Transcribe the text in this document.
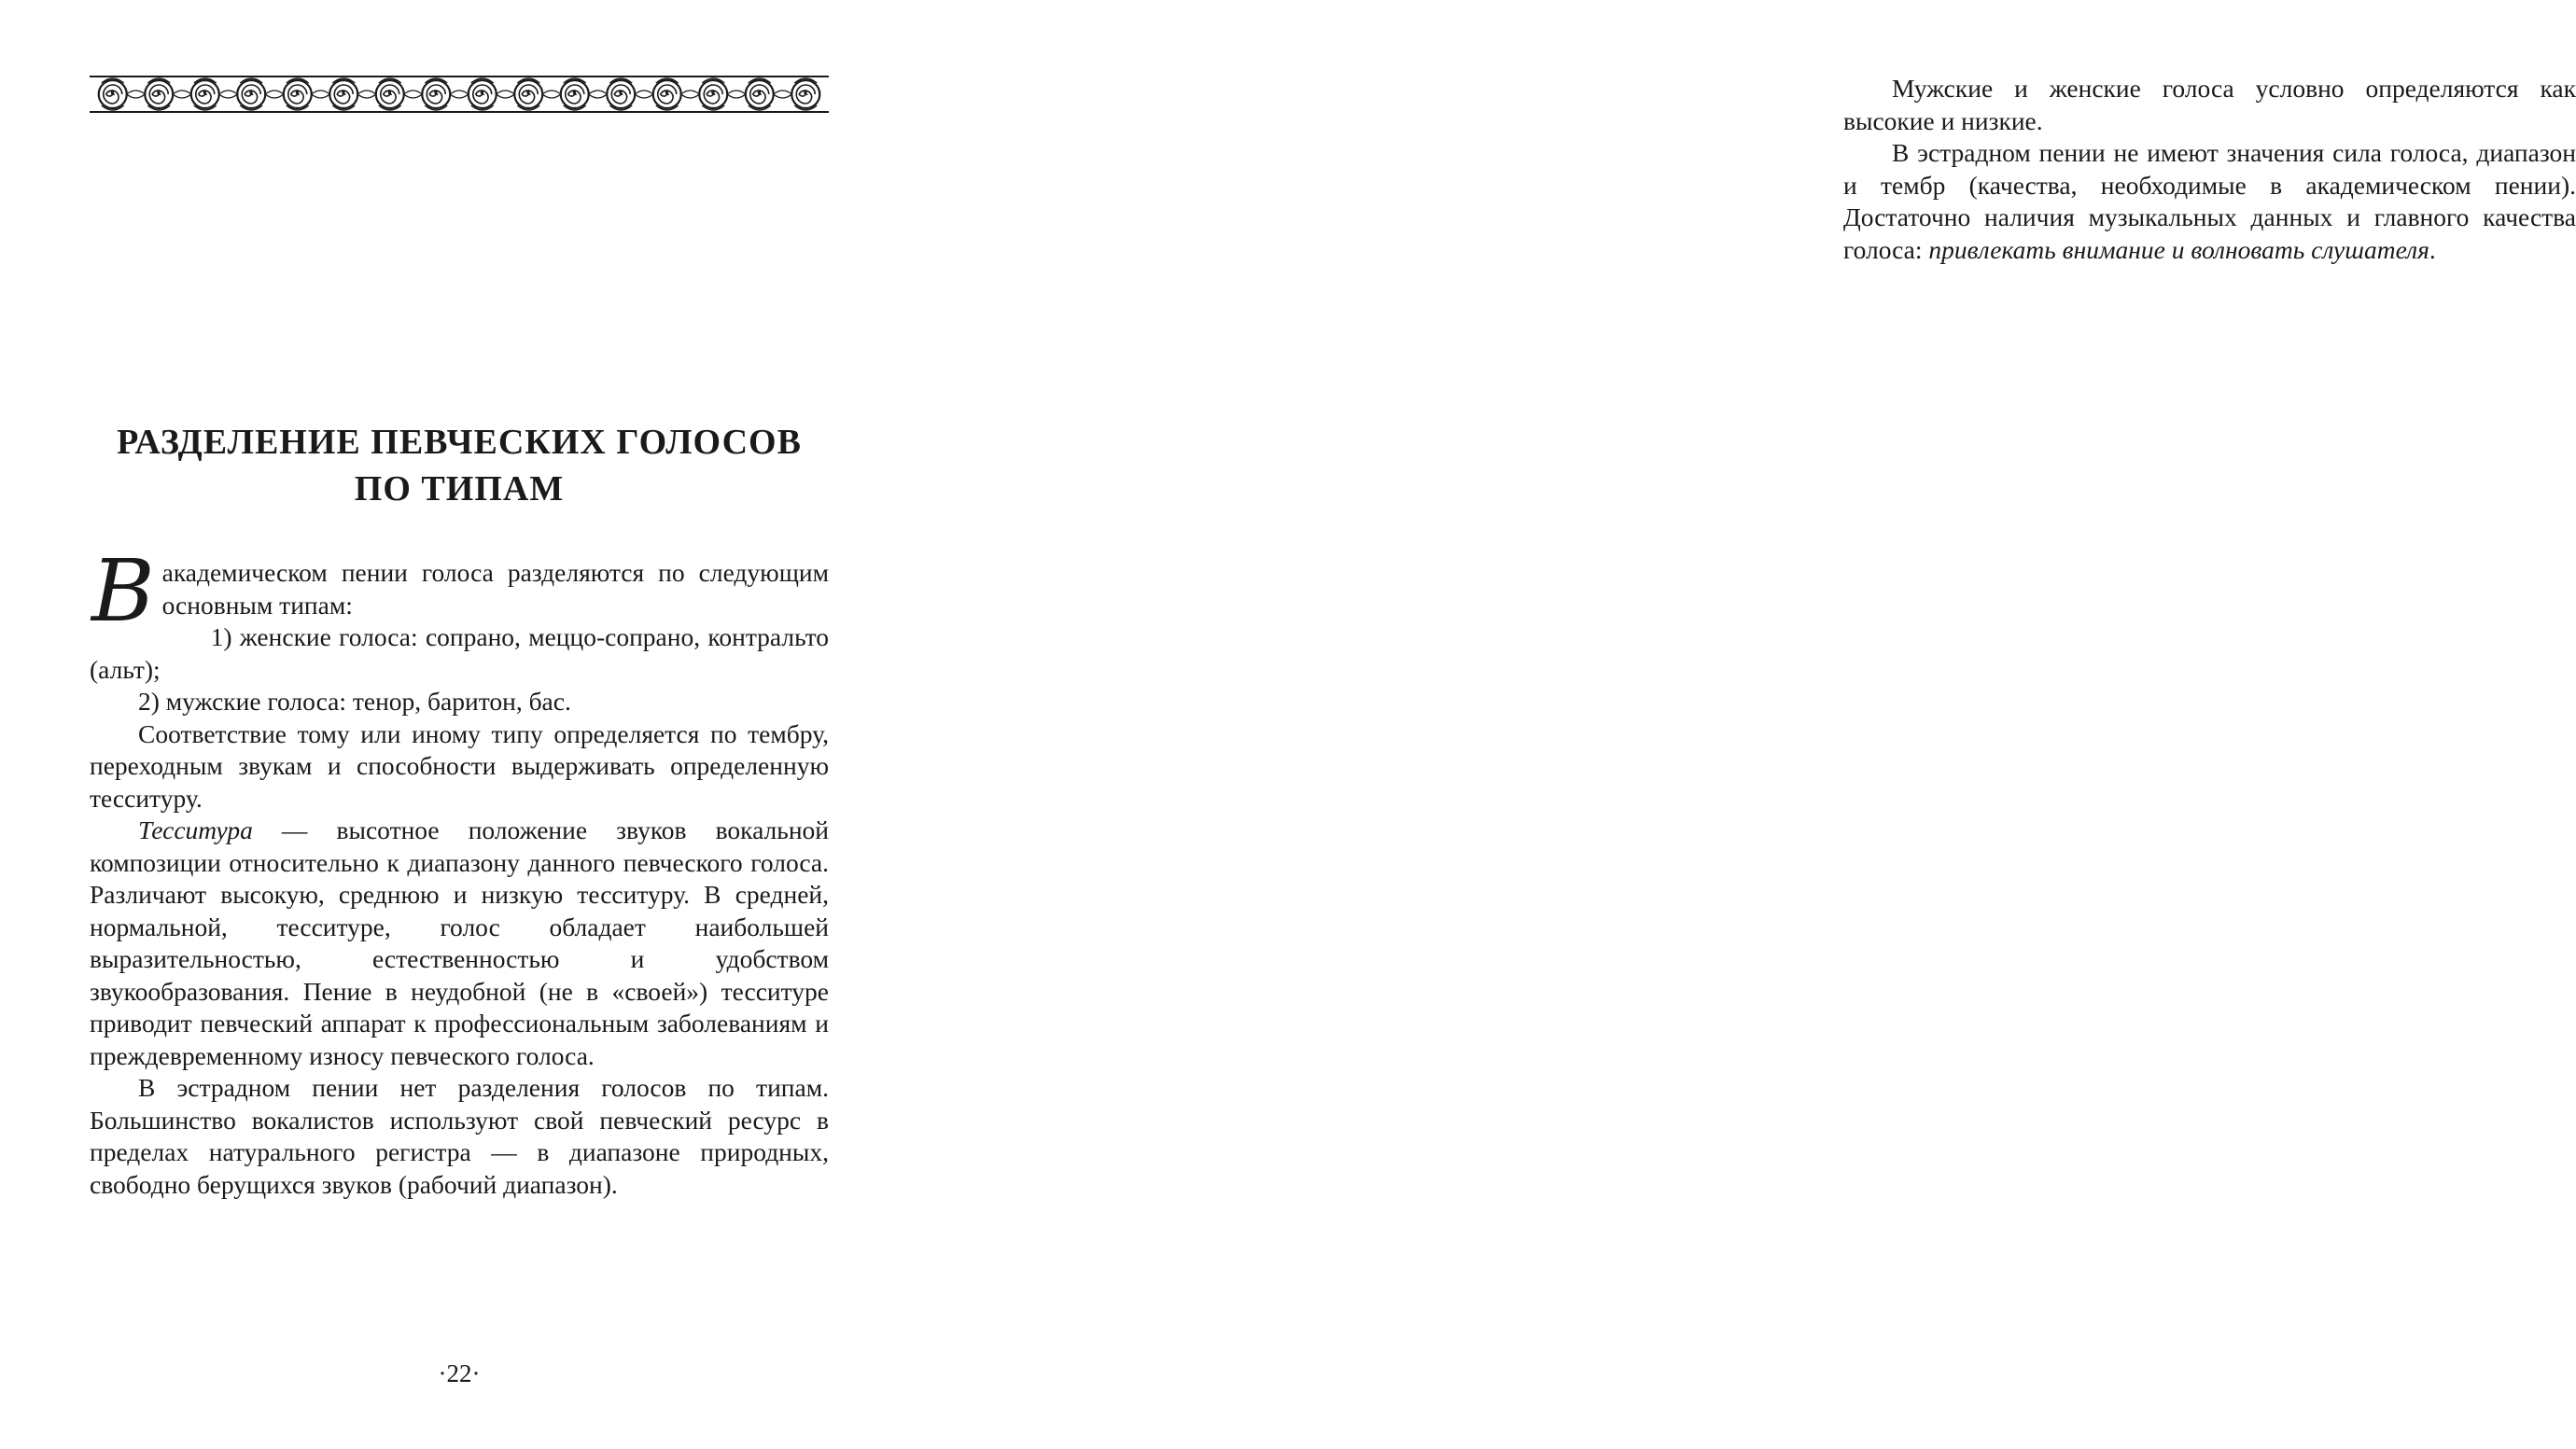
РАЗДЕЛЕНИЕ ПЕВЧЕСКИХ ГОЛОСОВ
ПО ТИПАМ

Вакадемическом пении голоса разделяются по следующим основным типам:

1) женские голоса: сопрано, меццо-сопрано, контральто (альт);

2) мужские голоса: тенор, баритон, бас.

Соответствие тому или иному типу определяется по тембру, переходным звукам и способности выдерживать определенную тесситуру.

Тесситура — высотное положение звуков вокальной композиции относительно к диапазону данного певческого голоса. Различают высокую, среднюю и низкую тесситуру. В средней, нормальной, тесситуре, голос обладает наибольшей выразительностью, естественностью и удобством звукообразования. Пение в неудобной (не в «своей») тесситуре приводит певческий аппарат к профессиональным заболеваниям и преждевременному износу певческого голоса.

В эстрадном пении нет разделения голосов по типам. Большинство вокалистов используют свой певческий ресурс в пределах натурального регистра — в диапазоне природных, свободно берущихся звуков (рабочий диапазон).

·22·

Мужские и женские голоса условно определяются как высокие и низкие.

В эстрадном пении не имеют значения сила голоса, диапазон и тембр (качества, необходимые в академическом пении). Достаточно наличия музыкальных данных и главного качества голоса: привлекать внимание и волновать слушателя.
